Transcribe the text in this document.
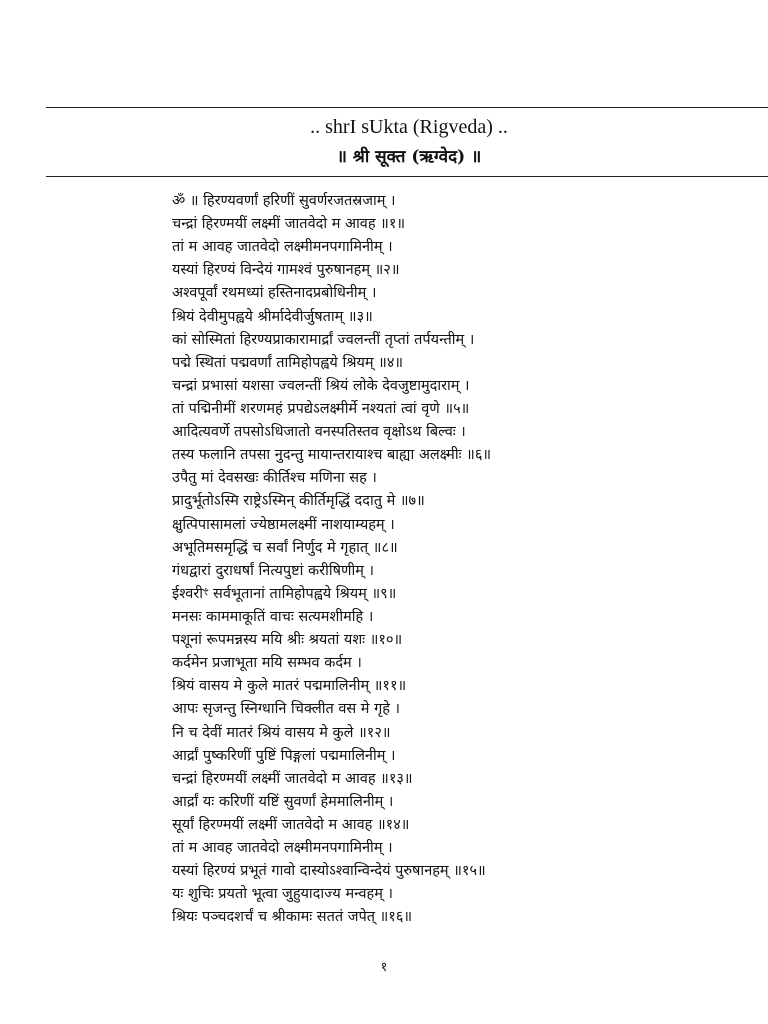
.. shrI sUkta (Rigveda) ..
॥ श्री सूक्त (ऋग्वेद) ॥
ॐ ॥ हिरण्यवर्णां हरिणीं सुवर्णरजतस्रजाम् ।
चन्द्रां हिरण्मयीं लक्ष्मीं जातवेदो म आवह ॥१॥
तां म आवह जातवेदो लक्ष्मीमनपगामिनीम् ।
यस्यां हिरण्यं विन्देयं गामश्वं पुरुषानहम् ॥२॥
अश्वपूर्वां रथमध्यां हस्तिनादप्रबोधिनीम् ।
श्रियं देवीमुपह्वये श्रीर्मादेवीर्जुषताम् ॥३॥
कां सोस्मितां हिरण्यप्राकारामार्द्रां ज्वलन्तीं तृप्तां तर्पयन्तीम् ।
पद्मे स्थितां पद्मवर्णां तामिहोपह्वये श्रियम् ॥४॥
चन्द्रां प्रभासां यशसा ज्वलन्तीं श्रियं लोके देवजुष्टामुदाराम् ।
तां पद्मिनीमीं शरणमहं प्रपद्येऽलक्ष्मीर्मे नश्यतां त्वां वृणे ॥५॥
आदित्यवर्णे तपसोऽधिजातो वनस्पतिस्तव वृक्षोऽथ बिल्वः ।
तस्य फलानि तपसा नुदन्तु मायान्तरायाश्च बाह्या अलक्ष्मीः ॥६॥
उपैतु मां देवसखः कीर्तिश्च मणिना सह ।
प्रादुर्भूतोऽस्मि राष्ट्रेऽस्मिन् कीर्तिमृद्धिं ददातु मे ॥७॥
क्षुत्पिपासामलां ज्येष्ठामलक्ष्मीं नाशयाम्यहम् ।
अभूतिमसमृद्धिं च सर्वां निर्णुद मे गृहात् ॥८॥
गंधद्वारां दुराधर्षां नित्यपुष्टां करीषिणीम् ।
ईश्वरीꣳ सर्वभूतानां तामिहोपह्वये श्रियम् ॥९॥
मनसः काममाकूतिं वाचः सत्यमशीमहि ।
पशूनां रूपमन्नस्य मयि श्रीः श्रयतां यशः ॥१०॥
कर्दमेन प्रजाभूता मयि सम्भव कर्दम ।
श्रियं वासय मे कुले मातरं पद्ममालिनीम् ॥११॥
आपः सृजन्तु स्निग्धानि चिक्लीत वस मे गृहे ।
नि च देवीं मातरं श्रियं वासय मे कुले ॥१२॥
आर्द्रां पुष्करिणीं पुष्टिं पिङ्गलां पद्ममालिनीम् ।
चन्द्रां हिरण्मयीं लक्ष्मीं जातवेदो म आवह ॥१३॥
आर्द्रां यः करिणीं यष्टिं सुवर्णां हेममालिनीम् ।
सूर्यां हिरण्मयीं लक्ष्मीं जातवेदो म आवह ॥१४॥
तां म आवह जातवेदो लक्ष्मीमनपगामिनीम् ।
यस्यां हिरण्यं प्रभूतं गावो दास्योऽश्वान्विन्देयं पुरुषानहम् ॥१५॥
यः शुचिः प्रयतो भूत्वा जुहुयादाज्य मन्वहम् ।
श्रियः पञ्चदशर्चं च श्रीकामः सततं जपेत् ॥१६॥
१
